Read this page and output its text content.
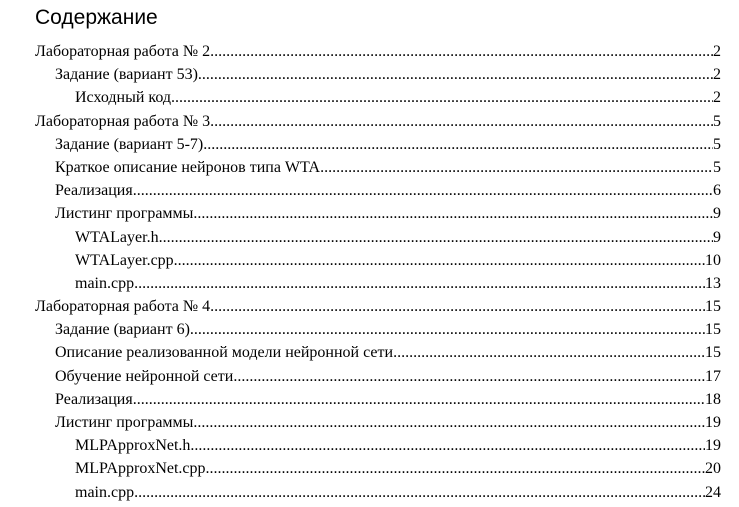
Содержание
Лабораторная работа № 2 .....	2
Задание (вариант 53) .....	2
Исходный код .....	2
Лабораторная работа № 3 .....	5
Задание (вариант 5-7) .....	5
Краткое описание нейронов типа WTA .....	5
Реализация .....	6
Листинг программы .....	9
WTALayer.h .....	9
WTALayer.cpp .....	10
main.cpp .....	13
Лабораторная работа № 4 .....	15
Задание (вариант 6) .....	15
Описание реализованной модели нейронной сети .....	15
Обучение нейронной сети .....	17
Реализация .....	18
Листинг программы .....	19
MLPApproxNet.h .....	19
MLPApproxNet.cpp .....	20
main.cpp .....	24
